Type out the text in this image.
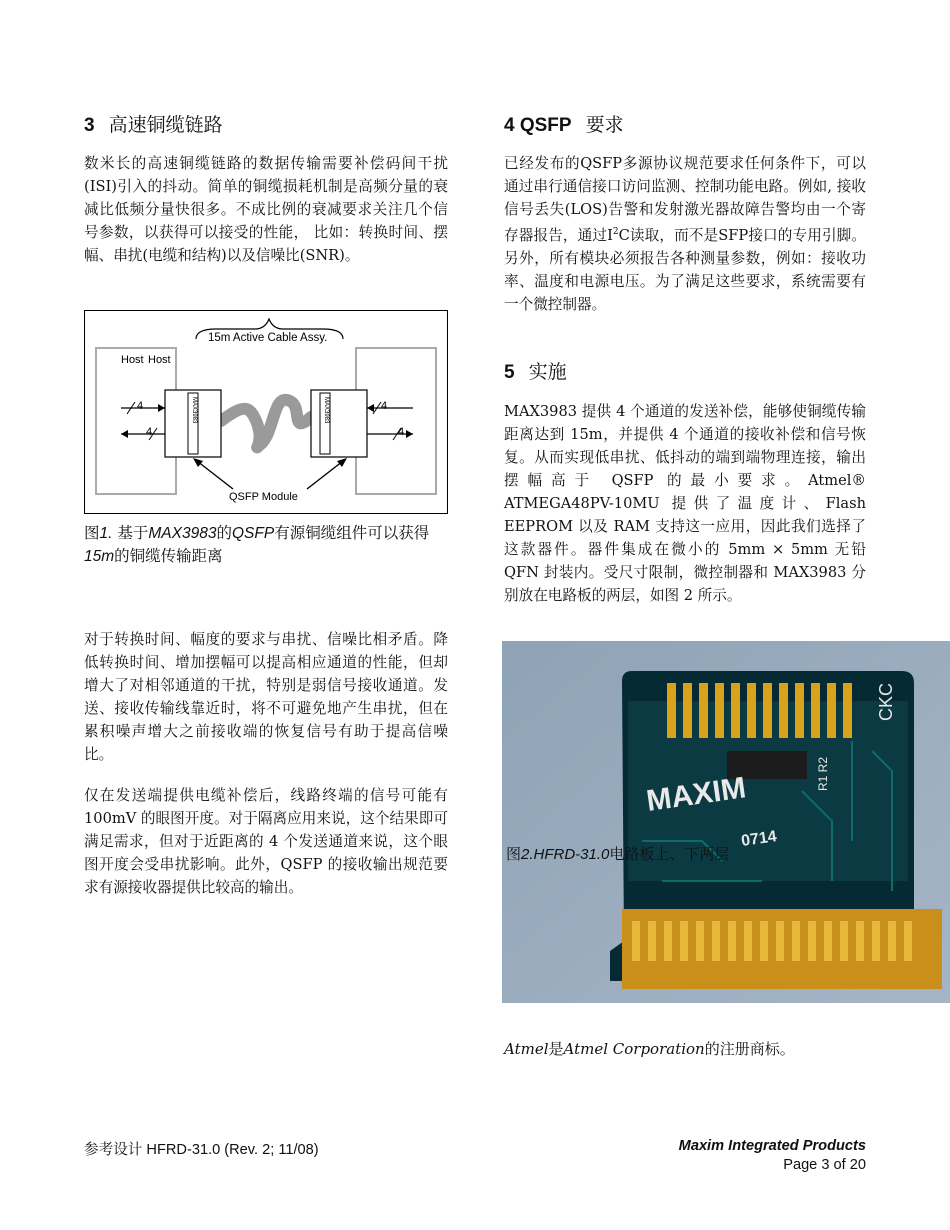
3 高速铜缆链路
数米长的高速铜缆链路的数据传输需要补偿码间干扰(ISI)引入的抖动。简单的铜缆损耗机制是高频分量的衰减比低频分量快很多。不成比例的衰减要求关注几个信号参数，以获得可以接受的性能， 比如：转换时间、摆幅、串扰(电缆和结构)以及信噪比(SNR)。
MAX3983	MAX3983
4
4
4
4
15m Active Cable Assy.
Host Host
QSFP Module
图1. 基于MAX3983的QSFP有源铜缆组件可以获得15m的铜缆传输距离
对于转换时间、幅度的要求与串扰、信噪比相矛盾。降低转换时间、增加摆幅可以提高相应通道的性能，但却增大了对相邻通道的干扰，特别是弱信号接收通道。发送、接收传输线靠近时，将不可避免地产生串扰，但在累积噪声增大之前接收端的恢复信号有助于提高信噪比。
仅在发送端提供电缆补偿后，线路终端的信号可能有 100mV 的眼图开度。对于隔离应用来说，这个结果即可满足需求，但对于近距离的 4 个发送通道来说，这个眼图开度会受串扰影响。此外，QSFP 的接收输出规范要求有源接收器提供比较高的输出。
4 QSFP 要求
已经发布的QSFP多源协议规范要求任何条件下，可以通过串行通信接口访问监测、控制功能电路。例如, 接收信号丢失(LOS)告警和发射激光器故障告警均由一个寄存器报告，通过$I^2C$读取，而不是SFP接口的专用引脚。另外，所有模块必须报告各种测量参数，例如：接收功率、温度和电源电压。为了满足这些要求，系统需要有一个微控制器。
5 实施
MAX3983 提供 4 个通道的发送补偿，能够使铜缆传输距离达到 15m，并提供 4 个通道的接收补偿和信号恢复。从而实现低串扰、低抖动的端到端物理连接，输出摆幅高于 QSFP 的最小要求。Atmel® ATMEGA48PV-10MU 提供了温度计、Flash EEPROM 以及 RAM 支持这一应用，因此我们选择了这款器件。器件集成在微小的 5mm × 5mm 无铅 QFN 封装内。受尺寸限制，微控制器和 MAX3983 分别放在电路板的两层，如图 2 所示。
MAXIM
0714
R1 R2
CKC
图2.HFRD-31.0电路板上、下两层
Atmel是Atmel Corporation的注册商标。
参考设计 HFRD-31.0 (Rev. 2; 11/08)	Maxim Integrated Products
Page 3 of 20
